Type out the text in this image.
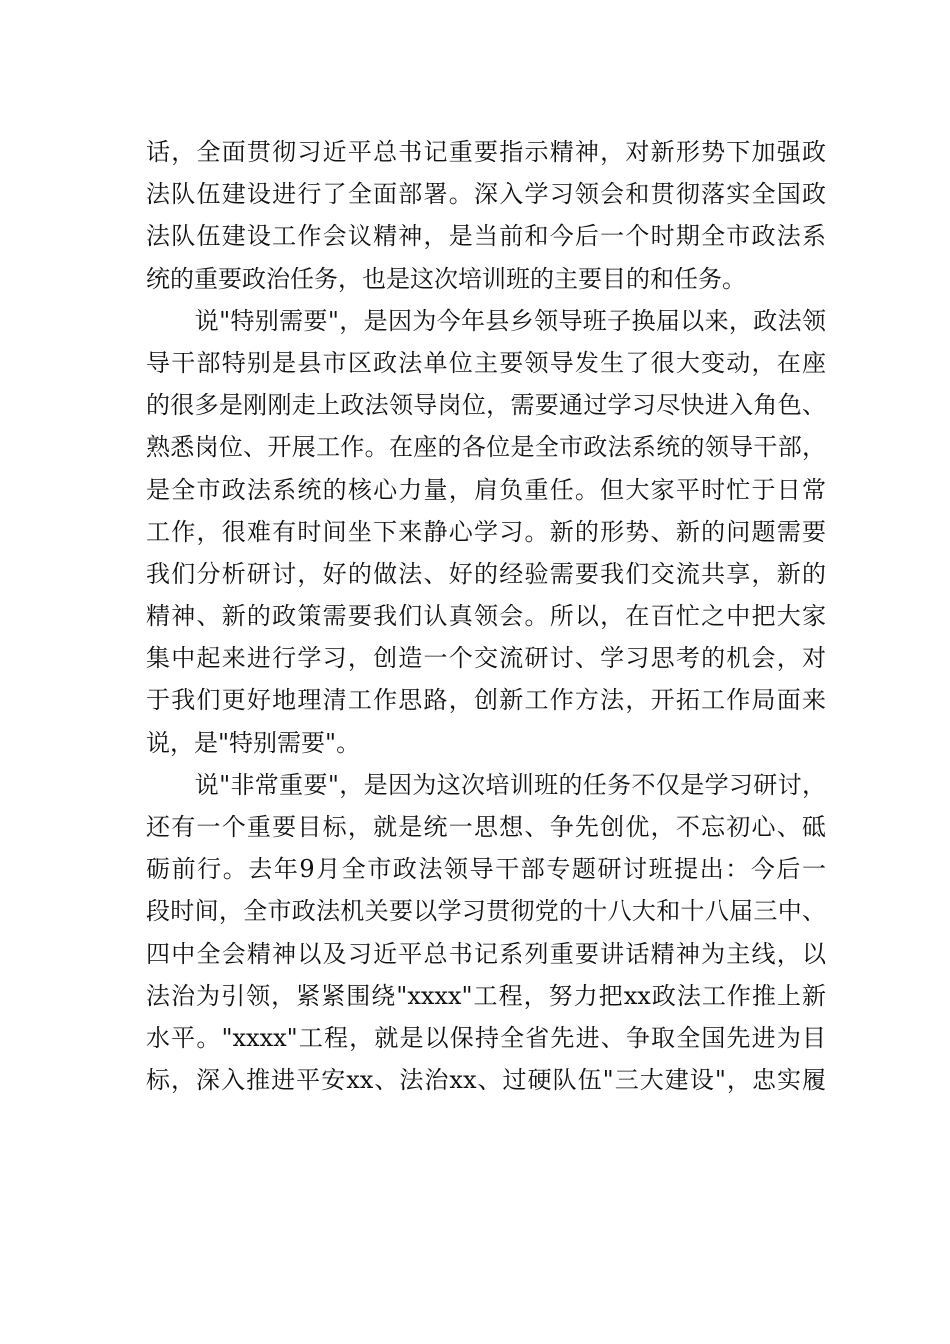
话，全面贯彻习近平总书记重要指示精神，对新形势下加强政
法队伍建设进行了全面部署。深入学习领会和贯彻落实全国政
法队伍建设工作会议精神，是当前和今后一个时期全市政法系
统的重要政治任务，也是这次培训班的主要目的和任务。
　　说"特别需要"，是因为今年县乡领导班子换届以来，政法领
导干部特别是县市区政法单位主要领导发生了很大变动，在座
的很多是刚刚走上政法领导岗位，需要通过学习尽快进入角色、
熟悉岗位、开展工作。在座的各位是全市政法系统的领导干部，
是全市政法系统的核心力量，肩负重任。但大家平时忙于日常
工作，很难有时间坐下来静心学习。新的形势、新的问题需要
我们分析研讨，好的做法、好的经验需要我们交流共享，新的
精神、新的政策需要我们认真领会。所以，在百忙之中把大家
集中起来进行学习，创造一个交流研讨、学习思考的机会，对
于我们更好地理清工作思路，创新工作方法，开拓工作局面来
说，是"特别需要"。
　　说"非常重要"，是因为这次培训班的任务不仅是学习研讨，
还有一个重要目标，就是统一思想、争先创优，不忘初心、砥
砺前行。去年9月全市政法领导干部专题研讨班提出：今后一
段时间，全市政法机关要以学习贯彻党的十八大和十八届三中、
四中全会精神以及习近平总书记系列重要讲话精神为主线，以
法治为引领，紧紧围绕"xxxx"工程，努力把xx政法工作推上新
水平。"xxxx"工程，就是以保持全省先进、争取全国先进为目
标，深入推进平安xx、法治xx、过硬队伍"三大建设"，忠实履
